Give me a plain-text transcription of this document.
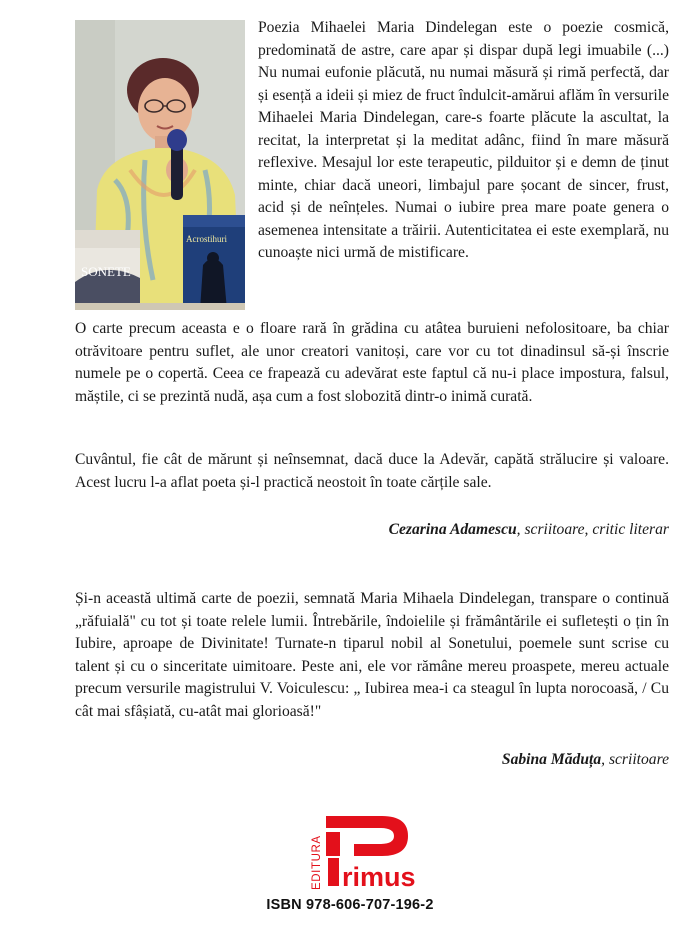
SONETE
Acrostihuri

Poezia Mihaelei Maria Dindelegan este o poezie cosmică, predominată de astre, care apar și dispar după legi imuabile (...) Nu numai eufonie plăcută, nu numai măsură și rimă perfectă, dar și esență a ideii și miez de fruct îndulcit-amărui aflăm în versurile Mihaelei Maria Dindelegan, care-s foarte plăcute la ascultat, la recitat, la interpretat și la meditat adânc, fiind în mare măsură reflexive. Mesajul lor este terapeutic, pilduitor și e demn de ținut minte, chiar dacă uneori, limbajul pare șocant de sincer, frust, acid și de neînțeles. Numai o iubire prea mare poate genera o asemenea intensitate a trăirii. Autenticitatea ei este exemplară, nu cunoaște nici urmă de mistificare.

O carte precum aceasta e o floare rară în grădina cu atâtea buruieni nefolositoare, ba chiar otrăvitoare pentru suflet, ale unor creatori vanitoși, care vor cu tot dinadinsul să-și înscrie numele pe o copertă. Ceea ce frapează cu adevărat este faptul că nu-i place impostura, falsul, măștile, ci se prezintă nudă, așa cum a fost slobozită dintr-o inimă curată.

Cuvântul, fie cât de mărunt și neînsemnat, dacă duce la Adevăr, capătă strălucire și valoare. Acest lucru l-a aflat poeta și-l practică neostoit în toate cărțile sale.

Cezarina Adamescu, scriitoare, critic literar

Și-n această ultimă carte de poezii, semnată Maria Mihaela Dindelegan, transpare o continuă „răfuială" cu tot și toate relele lumii. Întrebările, îndoielile și frământările ei sufletești o țin în Iubire, aproape de Divinitate! Turnate-n tiparul nobil al Sonetului, poemele sunt scrise cu talent și cu o sinceritate uimitoare. Peste ani, ele vor rămâne mereu proaspete, mereu actuale precum versurile magistrului V. Voiculescu: „ Iubirea mea-i ca steagul în lupta norocoasă, / Cu cât mai sfâșiată, cu-atât mai glorioasă!"

Sabina Măduța, scriitoare
EDITURA rimus
ISBN 978-606-707-196-2
